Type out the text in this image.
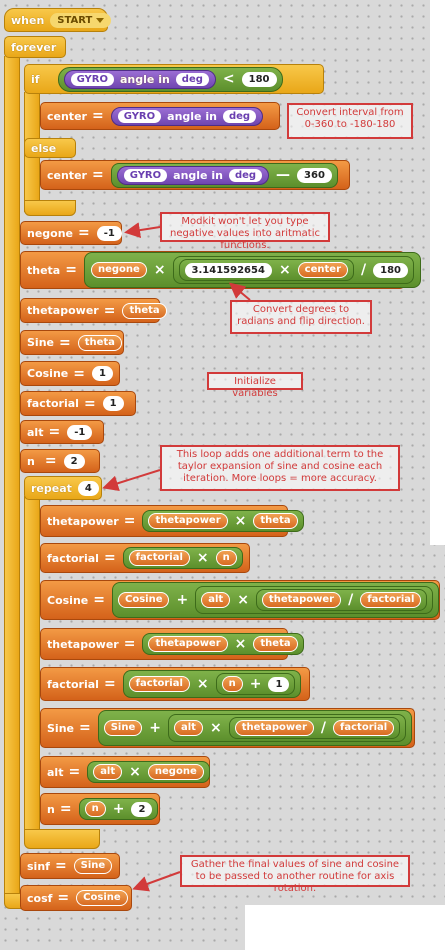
when START
forever
if	GYRO	angle in	deg	<	180
center =	GYRO	angle in	deg
else
center =	GYRO	angle in	deg	—	360
negone =	-1
theta =	negone	×	3.141592654	×	center	/	180
thetapower =	theta
Sine =	theta
Cosine =	1
factorial =	1
alt =	-1
n =	2
repeat	4
thetapower =	thetapower	×	theta
factorial =	factorial	×	n
Cosine =	Cosine	+	alt	×	thetapower	/	factorial
thetapower =	thetapower	×	theta
factorial =	factorial	×	n	+	1
Sine =	Sine	+	alt	×	thetapower	/	factorial
alt =	alt	×	negone
n =	n	+	2
sinf =	Sine
cosf =	Cosine
Convert interval from 0-360 to -180-180
Modkit won't let you type negative values into aritmatic functions.
Convert degrees to radians and flip direction.
Initialize variables
This loop adds one additional term to the taylor expansion of sine and cosine each iteration. More loops = more accuracy.
Gather the final values of sine and cosine to be passed to another routine for axis rotation.
